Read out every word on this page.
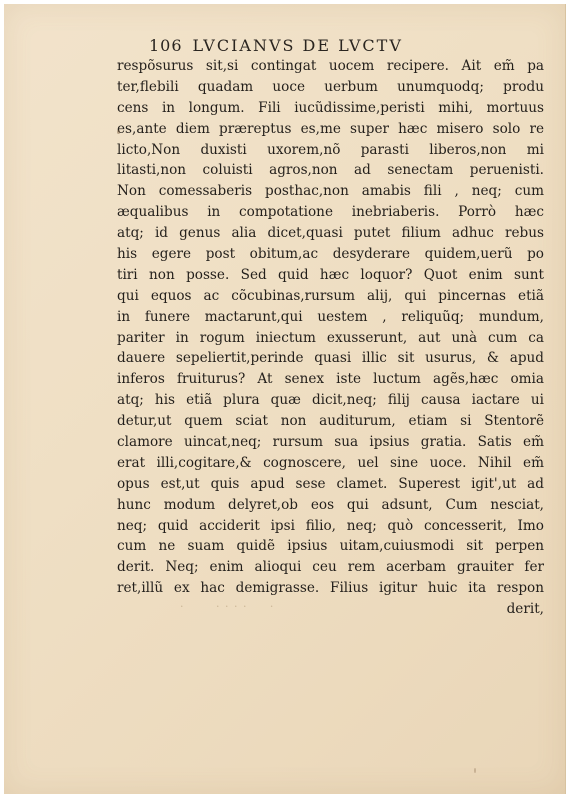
106 LVCIANVS DE LVCTV
respõsurus sit,si contingat uocem recipere. Ait em̃ pa
ter,flebili quadam uoce uerbum unumquodq; produ
cens in longum. Fili iucũdissime,peristi mihi, mortuus
es,ante diem præreptus es,me super hæc misero solo re
licto,Non duxisti uxorem,nõ parasti liberos,non mi
litasti,non coluisti agros,non ad senectam peruenisti.
Non comessaberis posthac,non amabis fili , neq; cum
æqualibus in compotatione inebriaberis. Porrò hæc
atq; id genus alia dicet,quasi putet filium adhuc rebus
his egere post obitum,ac desyderare quidem,uerũ po
tiri non posse. Sed quid hæc loquor? Quot enim sunt
qui equos ac cõcubinas,rursum alij, qui pincernas etiã
in funere mactarunt,qui uestem , reliquũq; mundum,
pariter in rogum iniectum exusserunt, aut unà cum ca
dauere sepeliertit,perinde quasi illic sit usurus, & apud
inferos fruiturus? At senex iste luctum agẽs,hæc omia
atq; his etiã plura quæ dicit,neq; filij causa iactare ui
detur,ut quem sciat non auditurum, etiam si Stentorẽ
clamore uincat,neq; rursum sua ipsius gratia. Satis em̃
erat illi,cogitare,& cognoscere, uel sine uoce. Nihil em̃
opus est,ut quis apud sese clamet. Superest igit',ut ad
hunc modum delyret,ob eos qui adsunt, Cum nesciat,
neq; quid acciderit ipsi filio, neq; quò concesserit, Imo
cum ne suam quidẽ ipsius uitam,cuiusmodi sit perpen
derit. Neq; enim alioqui ceu rem acerbam grauiter fer
ret,illũ ex hac demigrasse. Filius igitur huic ita respon
derit,
·       · · · ·     ·
